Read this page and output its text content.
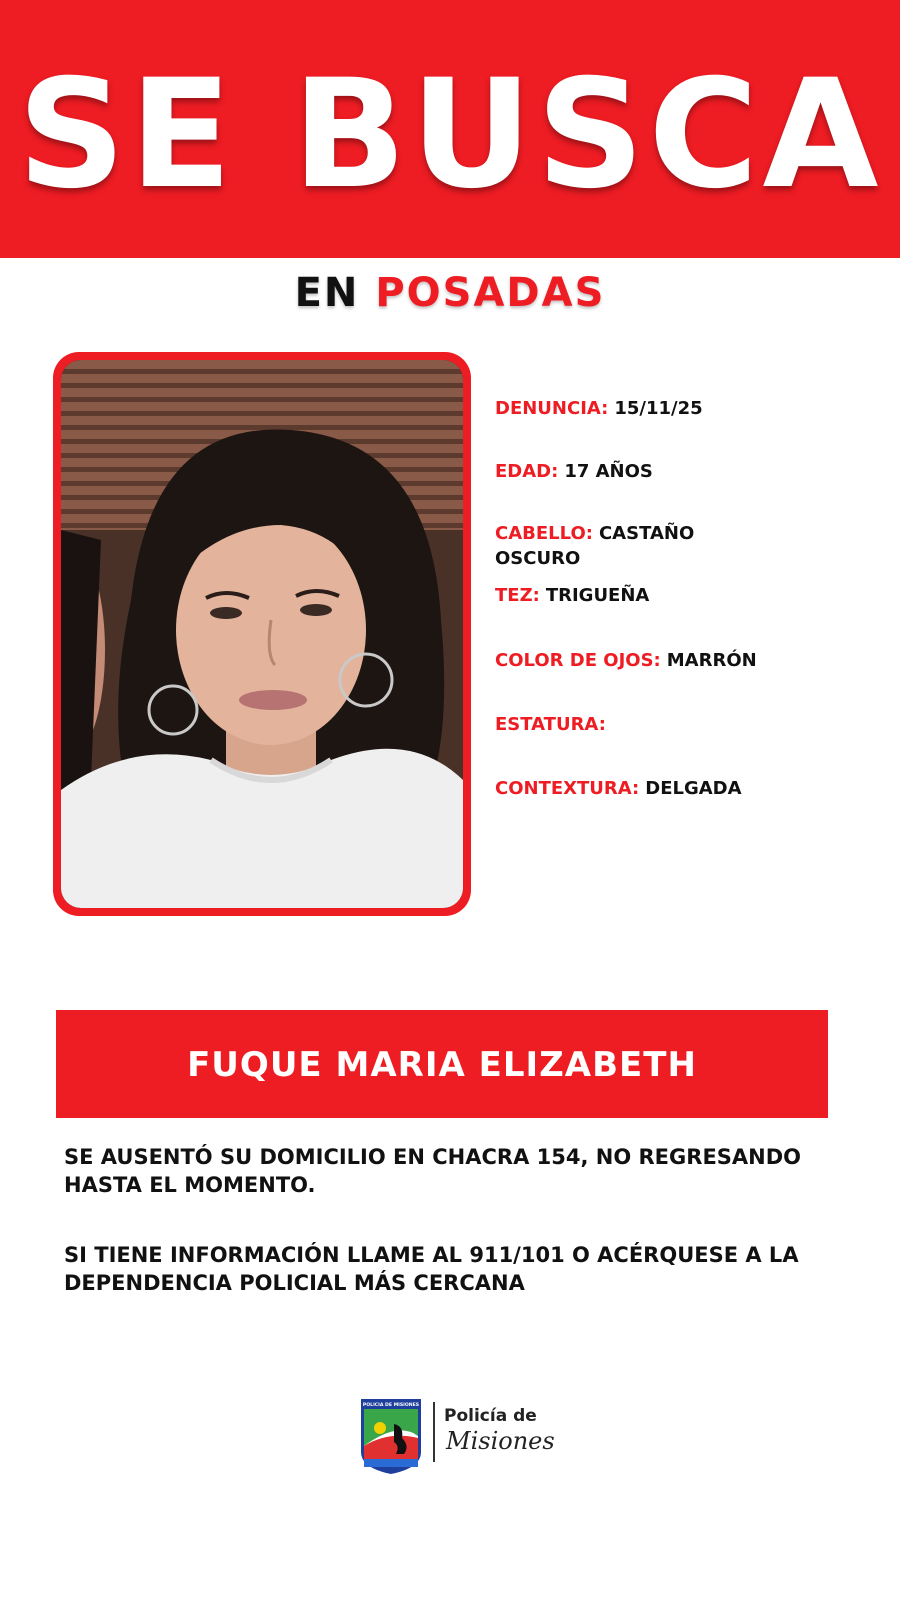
SE BUSCA
EN POSADAS
DENUNCIA: 15/11/25
EDAD: 17 AÑOS
CABELLO: CASTAÑO
OSCURO
TEZ: TRIGUEÑA
COLOR DE OJOS: MARRÓN
ESTATURA:
CONTEXTURA: DELGADA
FUQUE MARIA ELIZABETH
SE AUSENTÓ SU DOMICILIO EN CHACRA 154, NO REGRESANDO
HASTA EL MOMENTO.
SI TIENE INFORMACIÓN LLAME AL 911/101 O ACÉRQUESE A LA
DEPENDENCIA POLICIAL MÁS CERCANA
POLICIA DE MISIONES
Policía de
Misiones
